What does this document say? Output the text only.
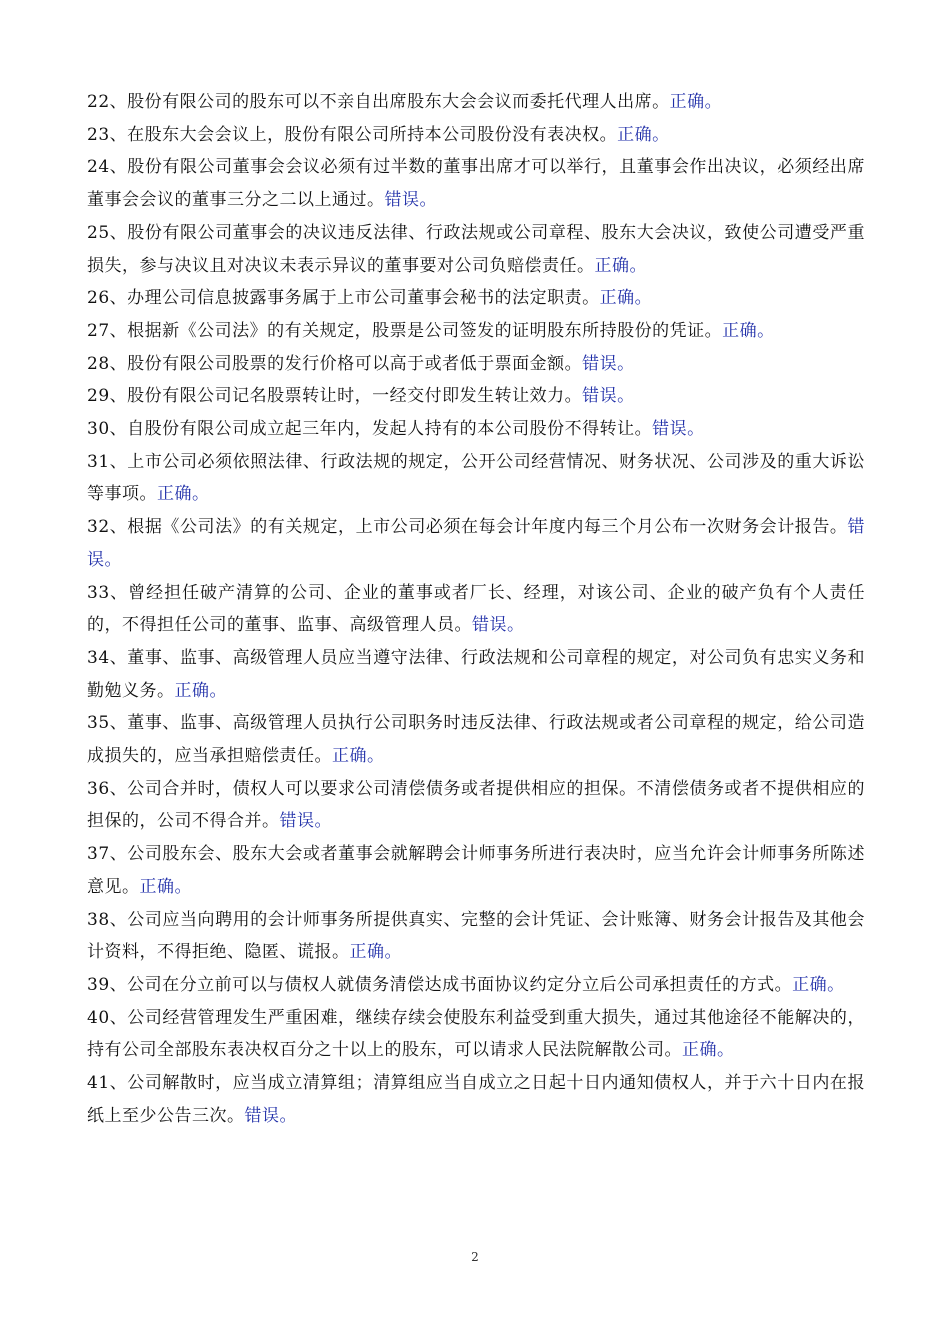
22、股份有限公司的股东可以不亲自出席股东大会会议而委托代理人出席。正确。

23、在股东大会会议上，股份有限公司所持本公司股份没有表决权。正确。

24、股份有限公司董事会会议必须有过半数的董事出席才可以举行，且董事会作出决议，必须经出席董事会会议的董事三分之二以上通过。错误。

25、股份有限公司董事会的决议违反法律、行政法规或公司章程、股东大会决议，致使公司遭受严重损失，参与决议且对决议未表示异议的董事要对公司负赔偿责任。正确。

26、办理公司信息披露事务属于上市公司董事会秘书的法定职责。正确。

27、根据新《公司法》的有关规定，股票是公司签发的证明股东所持股份的凭证。正确。

28、股份有限公司股票的发行价格可以高于或者低于票面金额。错误。

29、股份有限公司记名股票转让时，一经交付即发生转让效力。错误。

30、自股份有限公司成立起三年内，发起人持有的本公司股份不得转让。错误。

31、上市公司必须依照法律、行政法规的规定，公开公司经营情况、财务状况、公司涉及的重大诉讼等事项。正确。

32、根据《公司法》的有关规定，上市公司必须在每会计年度内每三个月公布一次财务会计报告。错误。

33、曾经担任破产清算的公司、企业的董事或者厂长、经理，对该公司、企业的破产负有个人责任的，不得担任公司的董事、监事、高级管理人员。错误。

34、董事、监事、高级管理人员应当遵守法律、行政法规和公司章程的规定，对公司负有忠实义务和勤勉义务。正确。

35、董事、监事、高级管理人员执行公司职务时违反法律、行政法规或者公司章程的规定，给公司造成损失的，应当承担赔偿责任。正确。

36、公司合并时，债权人可以要求公司清偿债务或者提供相应的担保。不清偿债务或者不提供相应的担保的，公司不得合并。错误。

37、公司股东会、股东大会或者董事会就解聘会计师事务所进行表决时，应当允许会计师事务所陈述意见。正确。

38、公司应当向聘用的会计师事务所提供真实、完整的会计凭证、会计账簿、财务会计报告及其他会计资料，不得拒绝、隐匿、谎报。正确。

39、公司在分立前可以与债权人就债务清偿达成书面协议约定分立后公司承担责任的方式。正确。

40、公司经营管理发生严重困难，继续存续会使股东利益受到重大损失，通过其他途径不能解决的，持有公司全部股东表决权百分之十以上的股东，可以请求人民法院解散公司。正确。

41、公司解散时，应当成立清算组；清算组应当自成立之日起十日内通知债权人，并于六十日内在报纸上至少公告三次。错误。

2
